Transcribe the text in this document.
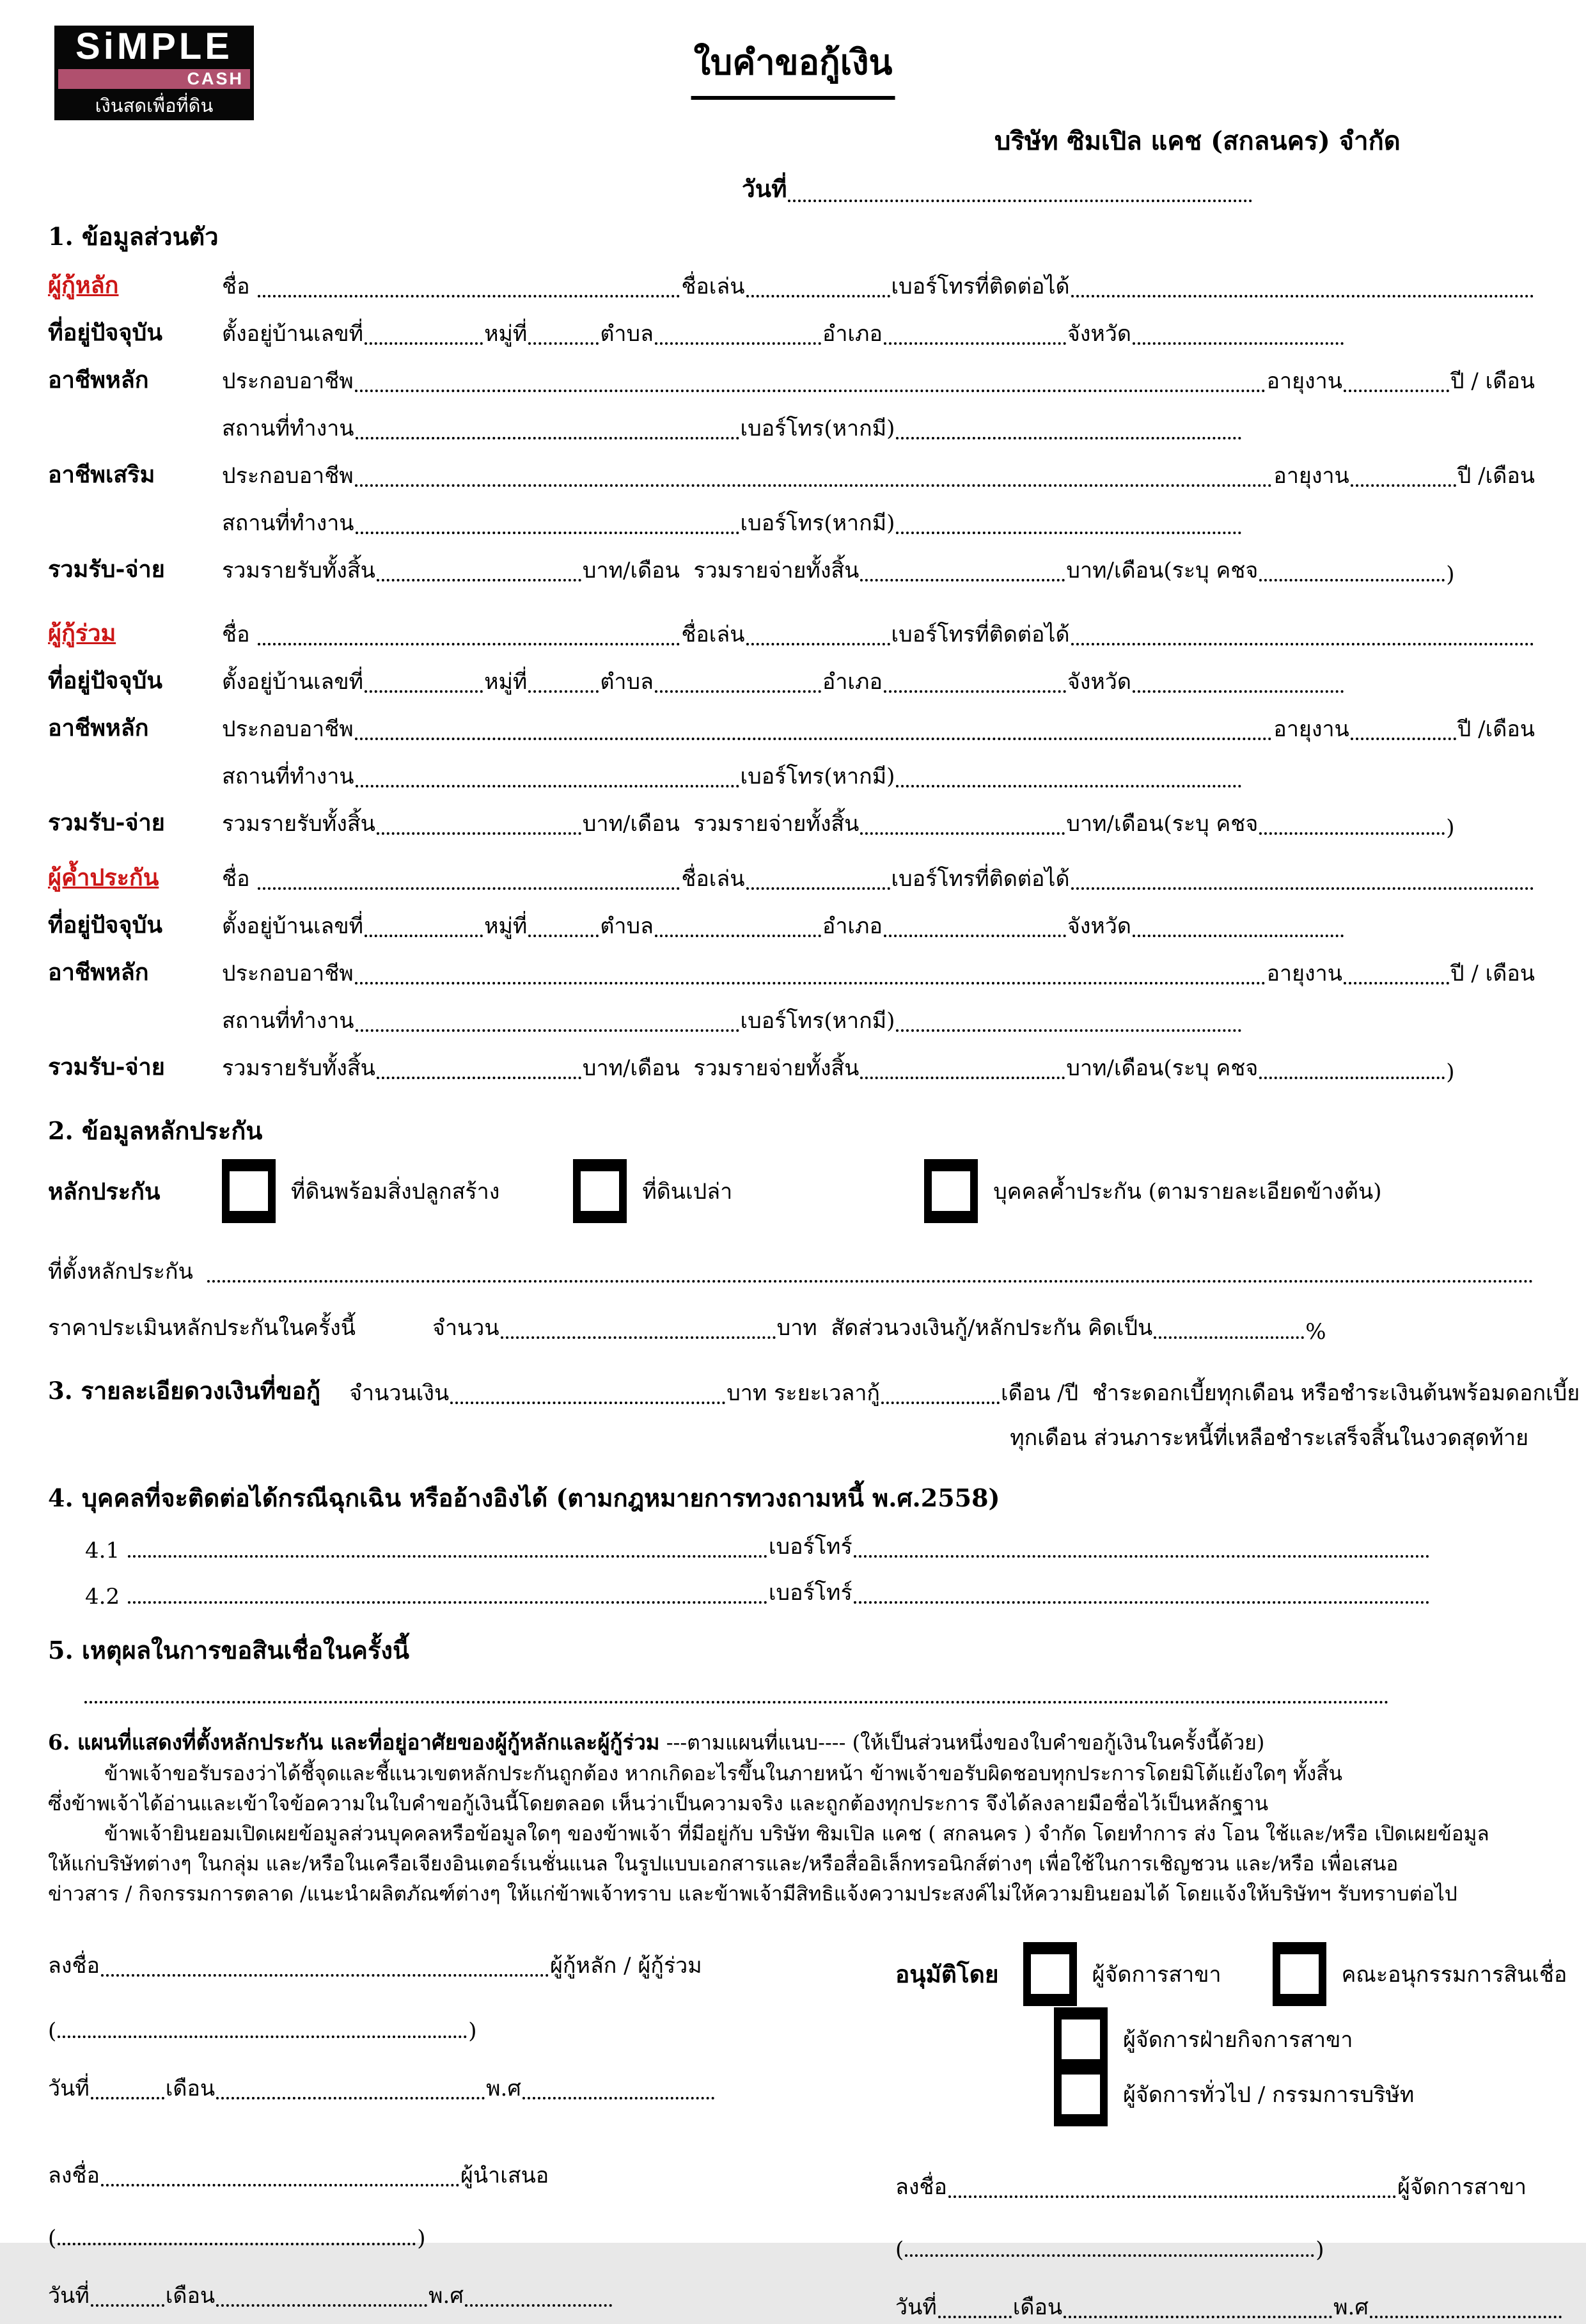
SiMPLE
CASH
เงินสดเพื่อที่ดิน
ใบคำขอกู้เงิน
บริษัท ซิมเปิล แคช (สกลนคร) จำกัด
วันที่
1. ข้อมูลส่วนตัว
ผู้กู้หลัก	ชื่อ	ชื่อเล่น	เบอร์โทรที่ติดต่อได้
ที่อยู่ปัจจุบัน	ตั้งอยู่บ้านเลขที่	หมู่ที่	ตำบล	อำเภอ	จังหวัด
อาชีพหลัก	ประกอบอาชีพ	อายุงาน	ปี / เดือน
สถานที่ทำงาน	เบอร์โทร(หากมี)
อาชีพเสริม	ประกอบอาชีพ	อายุงาน	ปี /เดือน
สถานที่ทำงาน	เบอร์โทร(หากมี)
รวมรับ-จ่าย	รวมรายรับทั้งสิ้น	บาท/เดือน  รวมรายจ่ายทั้งสิ้น	บาท/เดือน(ระบุ คชจ	)
ผู้กู้ร่วม	ชื่อ	ชื่อเล่น	เบอร์โทรที่ติดต่อได้
ที่อยู่ปัจจุบัน	ตั้งอยู่บ้านเลขที่	หมู่ที่	ตำบล	อำเภอ	จังหวัด
อาชีพหลัก	ประกอบอาชีพ	อายุงาน	ปี /เดือน
สถานที่ทำงาน	เบอร์โทร(หากมี)
รวมรับ-จ่าย	รวมรายรับทั้งสิ้น	บาท/เดือน  รวมรายจ่ายทั้งสิ้น	บาท/เดือน(ระบุ คชจ	)
ผู้ค้ำประกัน	ชื่อ	ชื่อเล่น	เบอร์โทรที่ติดต่อได้
ที่อยู่ปัจจุบัน	ตั้งอยู่บ้านเลขที่	หมู่ที่	ตำบล	อำเภอ	จังหวัด
อาชีพหลัก	ประกอบอาชีพ	อายุงาน	ปี / เดือน
สถานที่ทำงาน	เบอร์โทร(หากมี)
รวมรับ-จ่าย	รวมรายรับทั้งสิ้น	บาท/เดือน  รวมรายจ่ายทั้งสิ้น	บาท/เดือน(ระบุ คชจ	)
2. ข้อมูลหลักประกัน
หลักประกัน	ที่ดินพร้อมสิ่งปลูกสร้าง	ที่ดินเปล่า	บุคคลค้ำประกัน (ตามรายละเอียดข้างต้น)
ที่ตั้งหลักประกัน
ราคาประเมินหลักประกันในครั้งนี้	จำนวน	บาท  สัดส่วนวงเงินกู้/หลักประกัน คิดเป็น	%
3. รายละเอียดวงเงินที่ขอกู้ จำนวนเงิน	บาท ระยะเวลากู้	เดือน /ปี  ชำระดอกเบี้ยทุกเดือน หรือชำระเงินต้นพร้อมดอกเบี้ย
ทุกเดือน ส่วนภาระหนี้ที่เหลือชำระเสร็จสิ้นในงวดสุดท้าย
4. บุคคลที่จะติดต่อได้กรณีฉุกเฉิน หรืออ้างอิงได้ (ตามกฎหมายการทวงถามหนี้ พ.ศ.2558)
4.1	เบอร์โทร์
4.2	เบอร์โทร์
5. เหตุผลในการขอสินเชื่อในครั้งนี้
6. แผนที่แสดงที่ตั้งหลักประกัน และที่อยู่อาศัยของผู้กู้หลักและผู้กู้ร่วม ---ตามแผนที่แนบ---- (ให้เป็นส่วนหนึ่งของใบคำขอกู้เงินในครั้งนี้ด้วย)
ข้าพเจ้าขอรับรองว่าได้ชี้จุดและชี้แนวเขตหลักประกันถูกต้อง หากเกิดอะไรขึ้นในภายหน้า ข้าพเจ้าขอรับผิดชอบทุกประการโดยมิโต้แย้งใดๆ ทั้งสิ้น
ซึ่งข้าพเจ้าได้อ่านและเข้าใจข้อความในใบคำขอกู้เงินนี้โดยตลอด เห็นว่าเป็นความจริง และถูกต้องทุกประการ จึงได้ลงลายมือชื่อไว้เป็นหลักฐาน
ข้าพเจ้ายินยอมเปิดเผยข้อมูลส่วนบุคคลหรือข้อมูลใดๆ ของข้าพเจ้า ที่มีอยู่กับ บริษัท ซิมเปิล แคช ( สกลนคร ) จำกัด โดยทำการ ส่ง โอน ใช้และ/หรือ เปิดเผยข้อมูล
ให้แก่บริษัทต่างๆ ในกลุ่ม และ/หรือในเครือเจียงอินเตอร์เนชั่นแนล ในรูปแบบเอกสารและ/หรือสื่ออิเล็กทรอนิกส์ต่างๆ เพื่อใช้ในการเชิญชวน และ/หรือ เพื่อเสนอ
ข่าวสาร / กิจกรรมการตลาด /แนะนำผลิตภัณฑ์ต่างๆ ให้แก่ข้าพเจ้าทราบ และข้าพเจ้ามีสิทธิแจ้งความประสงค์ไม่ให้ความยินยอมได้ โดยแจ้งให้บริษัทฯ รับทราบต่อไป
ลงชื่อ	ผู้กู้หลัก / ผู้กู้ร่วม
(	)
วันที่	เดือน	พ.ศ
ลงชื่อ	ผู้นำเสนอ
(	)
วันที่	เดือน	พ.ศ
อนุมัติโดย	ผู้จัดการสาขา	คณะอนุกรรมการสินเชื่อ
ผู้จัดการฝ่ายกิจการสาขา
ผู้จัดการทั่วไป / กรรมการบริษัท
ลงชื่อ	ผู้จัดการสาขา
(	)
วันที่	เดือน	พ.ศ
